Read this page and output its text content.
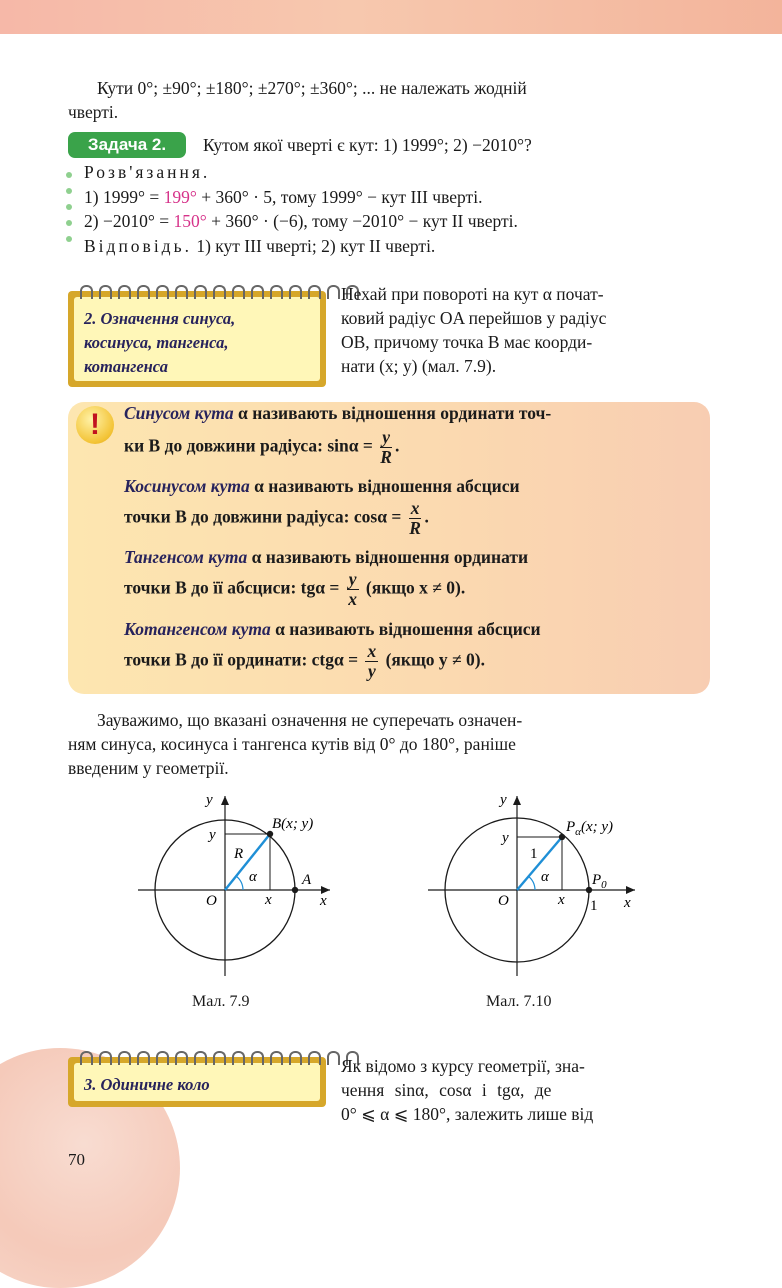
Кути 0°; ±90°; ±180°; ±270°; ±360°; ... не належать жодній
чверті.
Задача 2.	Кутом якої чверті є кут: 1) 1999°; 2) −2010°?
Розв'язання.
1) 1999° = 199° + 360° · 5, тому 1999° − кут III чверті.
2) −2010° = 150° + 360° · (−6), тому −2010° − кут II чверті.
Відповідь. 1) кут III чверті; 2) кут II чверті.
2. Означення синуса,
косинуса, тангенса,
котангенса
Нехай при повороті на кут α почат-
ковий радіус OA перейшов у радіус
OB, причому точка B має коорди-
нати (x; y) (мал. 7.9).
!	Синусом кута α називають відношення ординати точ-
ки B до довжини радіуса: $\sin\alpha = \frac{y}{R}$ .
Косинусом кута α називають відношення абсциси
точки B до довжини радіуса: $\cos\alpha = \frac{x}{R}$ .
Тангенсом кута α називають відношення ординати
точки B до її абсциси: $tg\alpha = \frac{y}{x}$ (якщо x ≠ 0).
Котангенсом кута α називають відношення абсциси
точки B до її ординати: $ctg\alpha = \frac{x}{y}$ (якщо y ≠ 0).
Зауважимо, що вказані означення не суперечать означен-
ням синуса, косинуса і тангенса кутів від 0° до 180°, раніше
введеним у геометрії.
y
x
O
A
B(x; y)
R
α
y
x
Мал. 7.9
y
x
O
$P_0$
$P_\alpha(x$; y)
1
1
α
y
x
Мал. 7.10
3. Одиничне коло
Як відомо з курсу геометрії, зна-
чення sinα, cosα і tgα, де
0° ⩽ α ⩽ 180°, залежить лише від
70
